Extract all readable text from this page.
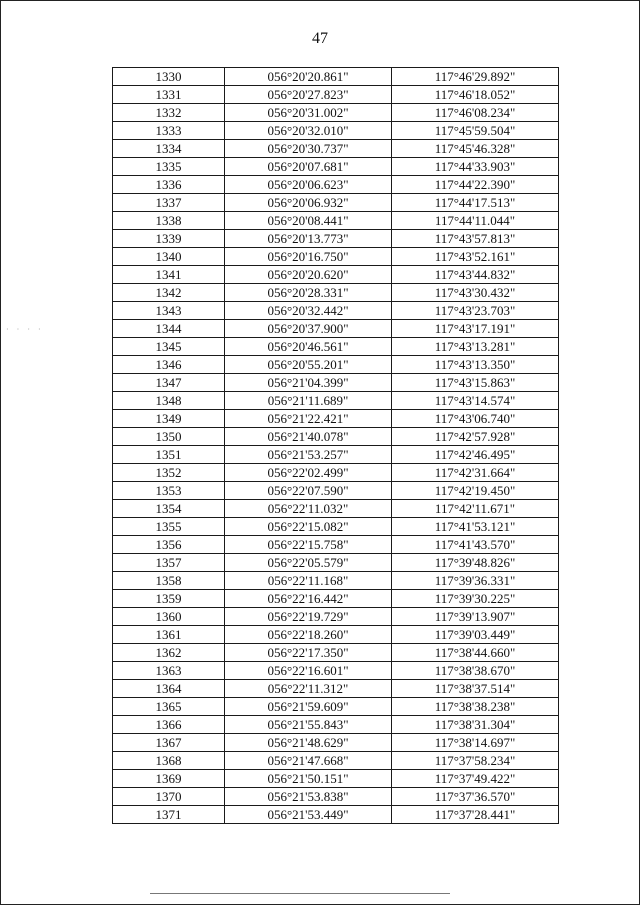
47
· · · ·
1330	056°20'20.861"	117°46'29.892"
1331	056°20'27.823"	117°46'18.052"
1332	056°20'31.002"	117°46'08.234"
1333	056°20'32.010"	117°45'59.504"
1334	056°20'30.737"	117°45'46.328"
1335	056°20'07.681"	117°44'33.903"
1336	056°20'06.623"	117°44'22.390"
1337	056°20'06.932"	117°44'17.513"
1338	056°20'08.441"	117°44'11.044"
1339	056°20'13.773"	117°43'57.813"
1340	056°20'16.750"	117°43'52.161"
1341	056°20'20.620"	117°43'44.832"
1342	056°20'28.331"	117°43'30.432"
1343	056°20'32.442"	117°43'23.703"
1344	056°20'37.900"	117°43'17.191"
1345	056°20'46.561"	117°43'13.281"
1346	056°20'55.201"	117°43'13.350"
1347	056°21'04.399"	117°43'15.863"
1348	056°21'11.689"	117°43'14.574"
1349	056°21'22.421"	117°43'06.740"
1350	056°21'40.078"	117°42'57.928"
1351	056°21'53.257"	117°42'46.495"
1352	056°22'02.499"	117°42'31.664"
1353	056°22'07.590"	117°42'19.450"
1354	056°22'11.032"	117°42'11.671"
1355	056°22'15.082"	117°41'53.121"
1356	056°22'15.758"	117°41'43.570"
1357	056°22'05.579"	117°39'48.826"
1358	056°22'11.168"	117°39'36.331"
1359	056°22'16.442"	117°39'30.225"
1360	056°22'19.729"	117°39'13.907"
1361	056°22'18.260"	117°39'03.449"
1362	056°22'17.350"	117°38'44.660"
1363	056°22'16.601"	117°38'38.670"
1364	056°22'11.312"	117°38'37.514"
1365	056°21'59.609"	117°38'38.238"
1366	056°21'55.843"	117°38'31.304"
1367	056°21'48.629"	117°38'14.697"
1368	056°21'47.668"	117°37'58.234"
1369	056°21'50.151"	117°37'49.422"
1370	056°21'53.838"	117°37'36.570"
1371	056°21'53.449"	117°37'28.441"
